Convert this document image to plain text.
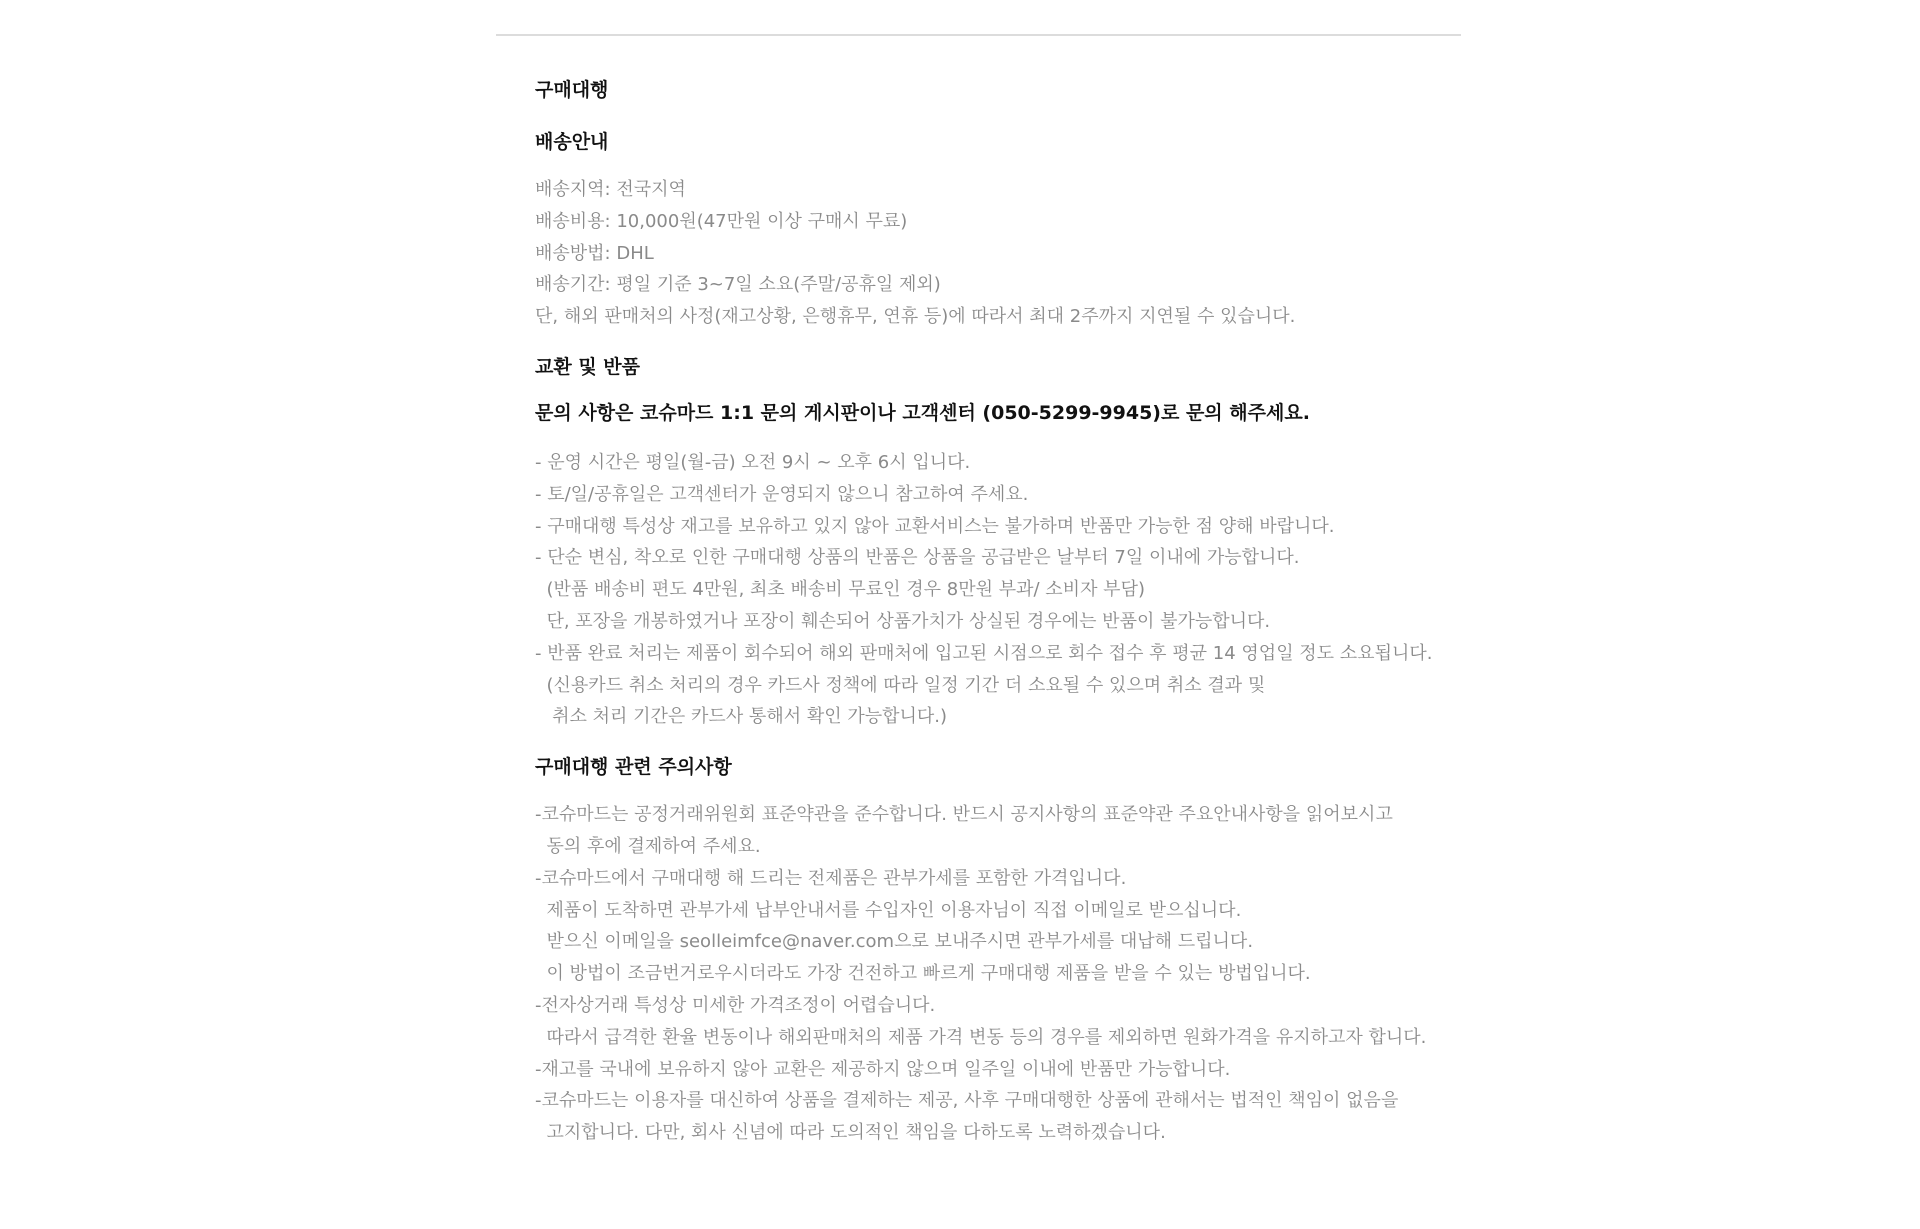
구매대행

배송안내

배송지역: 전국지역

배송비용: 10,000원(47만원 이상 구매시 무료)

배송방법: DHL

배송기간: 평일 기준 3~7일 소요(주말/공휴일 제외)

단, 해외 판매처의 사정(재고상황, 은행휴무, 연휴 등)에 따라서 최대 2주까지 지연될 수 있습니다.

교환 및 반품

문의 사항은 코슈마드 1:1 문의 게시판이나 고객센터 (050-5299-9945)로 문의 해주세요.

- 운영 시간은 평일(월-금) 오전 9시 ~ 오후 6시 입니다.

- 토/일/공휴일은 고객센터가 운영되지 않으니 참고하여 주세요.

- 구매대행 특성상 재고를 보유하고 있지 않아 교환서비스는 불가하며 반품만 가능한 점 양해 바랍니다.

- 단순 변심, 착오로 인한 구매대행 상품의 반품은 상품을 공급받은 날부터 7일 이내에 가능합니다.

(반품 배송비 편도 4만원, 최초 배송비 무료인 경우 8만원 부과/ 소비자 부담)

단, 포장을 개봉하였거나 포장이 훼손되어 상품가치가 상실된 경우에는 반품이 불가능합니다.

- 반품 완료 처리는 제품이 회수되어 해외 판매처에 입고된 시점으로 회수 접수 후 평균 14 영업일 정도 소요됩니다.

(신용카드 취소 처리의 경우 카드사 정책에 따라 일정 기간 더 소요될 수 있으며 취소 결과 및

취소 처리 기간은 카드사 통해서 확인 가능합니다.)

구매대행 관련 주의사항

-코슈마드는 공정거래위원회 표준약관을 준수합니다. 반드시 공지사항의 표준약관 주요안내사항을 읽어보시고

동의 후에 결제하여 주세요.

-코슈마드에서 구매대행 해 드리는 전제품은 관부가세를 포함한 가격입니다.

제품이 도착하면 관부가세 납부안내서를 수입자인 이용자님이 직접 이메일로 받으십니다.

받으신 이메일을 seolleimfce@naver.com으로 보내주시면 관부가세를 대납해 드립니다.

이 방법이 조금번거로우시더라도 가장 건전하고 빠르게 구매대행 제품을 받을 수 있는 방법입니다.

-전자상거래 특성상 미세한 가격조정이 어렵습니다.

따라서 급격한 환율 변동이나 해외판매처의 제품 가격 변동 등의 경우를 제외하면 원화가격을 유지하고자 합니다.

-재고를 국내에 보유하지 않아 교환은 제공하지 않으며 일주일 이내에 반품만 가능합니다.

-코슈마드는 이용자를 대신하여 상품을 결제하는 제공, 사후 구매대행한 상품에 관해서는 법적인 책임이 없음을

고지합니다. 다만, 회사 신념에 따라 도의적인 책임을 다하도록 노력하겠습니다.
